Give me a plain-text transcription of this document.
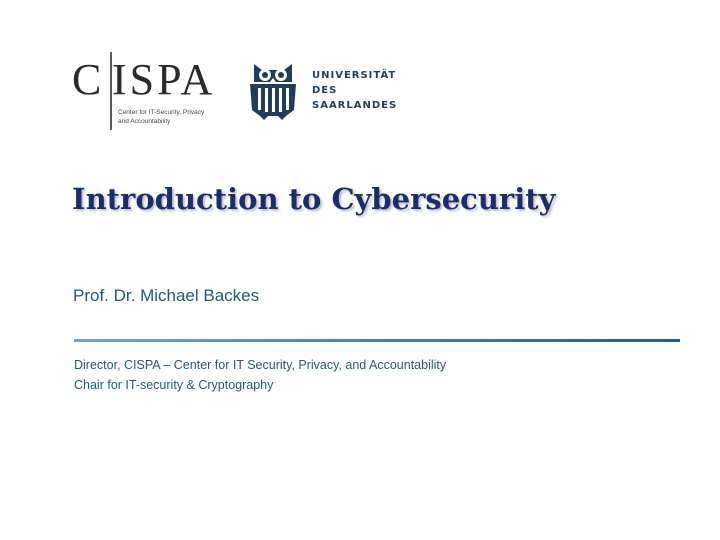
C ISPA
Center for IT-Security, Privacy
and Accountability
UNIVERSITÄT
DES
SAARLANDES
Introduction to Cybersecurity
Prof. Dr. Michael Backes
Director, CISPA – Center for IT Security, Privacy, and Accountability
Chair for IT-security & Cryptography
